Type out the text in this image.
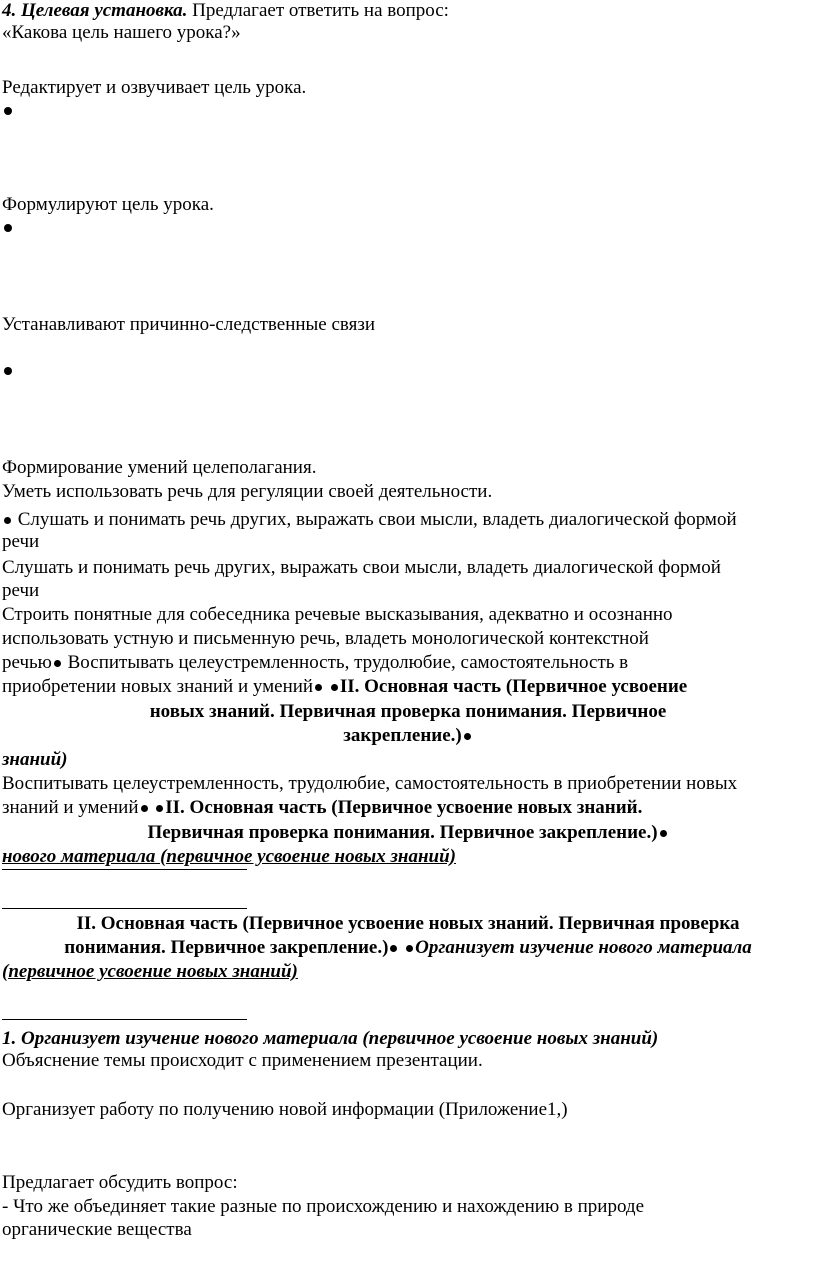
4. Целевая установка. Предлагает ответить на вопрос:
«Какова цель нашего урока?»
Редактирует и озвучивает цель урока.
Формулируют цель урока.
Устанавливают причинно-следственные связи
Формирование умений целеполагания.
Уметь использовать речь для регуляции своей деятельности.
Слушать и понимать речь других, выражать свои мысли, владеть диалогической формой
речи
Слушать и понимать речь других, выражать свои мысли, владеть диалогической формой
речи
Строить понятные для собеседника речевые высказывания, адекватно и осознанно
использовать устную и письменную речь, владеть монологической контекстной
речью Воспитывать целеустремленность, трудолюбие, самостоятельность в
приобретении новых знаний и умений II. Основная часть (Первичное усвоение
новых знаний. Первичная проверка понимания. Первичное
закрепление.)
знаний)
Воспитывать целеустремленность, трудолюбие, самостоятельность в приобретении новых
знаний и умений II. Основная часть (Первичное усвоение новых знаний.
Первичная проверка понимания. Первичное закрепление.)
нового материала (первичное усвоение новых знаний)
II. Основная часть (Первичное усвоение новых знаний. Первичная проверка
понимания. Первичное закрепление.) Организует изучение нового материала
(первичное усвоение новых знаний)
1. Организует изучение нового материала (первичное усвоение новых знаний)
Объяснение темы происходит с применением презентации.
Организует работу по получению новой информации (Приложение1,)
Предлагает обсудить вопрос:
- Что же объединяет такие разные по происхождению и нахождению в природе
органические вещества
